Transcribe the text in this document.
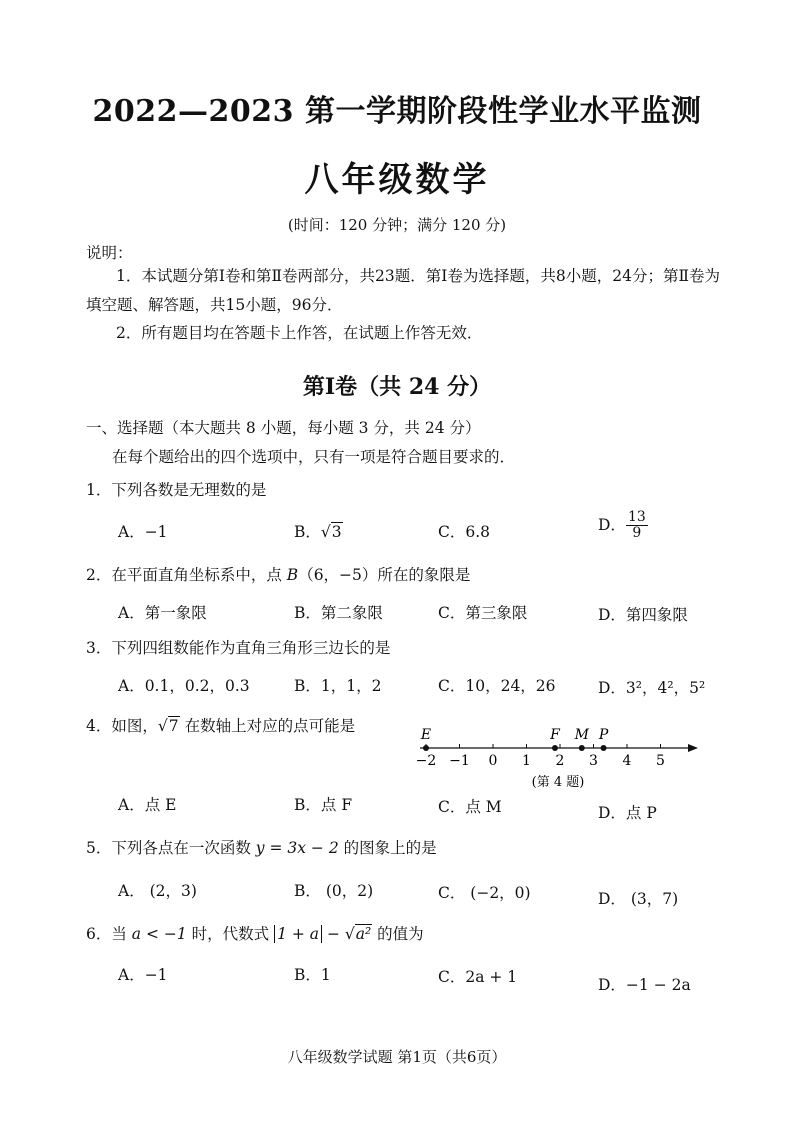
2022—2023 第一学期阶段性学业水平监测
八年级数学
(时间：120 分钟；满分 120 分)
说明：
1．本试题分第Ⅰ卷和第Ⅱ卷两部分，共23题．第Ⅰ卷为选择题，共8小题，24分；第Ⅱ卷为
填空题、解答题，共15小题，96分．
2．所有题目均在答题卡上作答，在试题上作答无效．
第Ⅰ卷（共 24 分）
一、选择题（本大题共 8 小题，每小题 3 分，共 24 分）
在每个题给出的四个选项中，只有一项是符合题目要求的．
1．下列各数是无理数的是
A．−1	B．√3	C．6.8	D． $\frac{13}{9}$
2．在平面直角坐标系中，点 B（6，−5）所在的象限是
A．第一象限	B．第二象限	C．第三象限	D．第四象限
3．下列四组数能作为直角三角形三边长的是
A．0.1，0.2，0.3	B．1，1，2	C．10，24，26	D．3²，4²，5²
4．如图，√7 在数轴上对应的点可能是
−2 −1 0 1 2 3 4 5
E	F M P
(第 4 题)
A．点 E	B．点 F	C．点 M	D．点 P
5．下列各点在一次函数 y = 3x − 2 的图象上的是
A． (2，3)	B． (0，2)	C． (−2，0)	D． (3，7)
6．当 a < −1 时，代数式 1 + a − √a² 的值为
A．−1	B．1	C．2a + 1	D．−1 − 2a
八年级数学试题 第1页（共6页）
